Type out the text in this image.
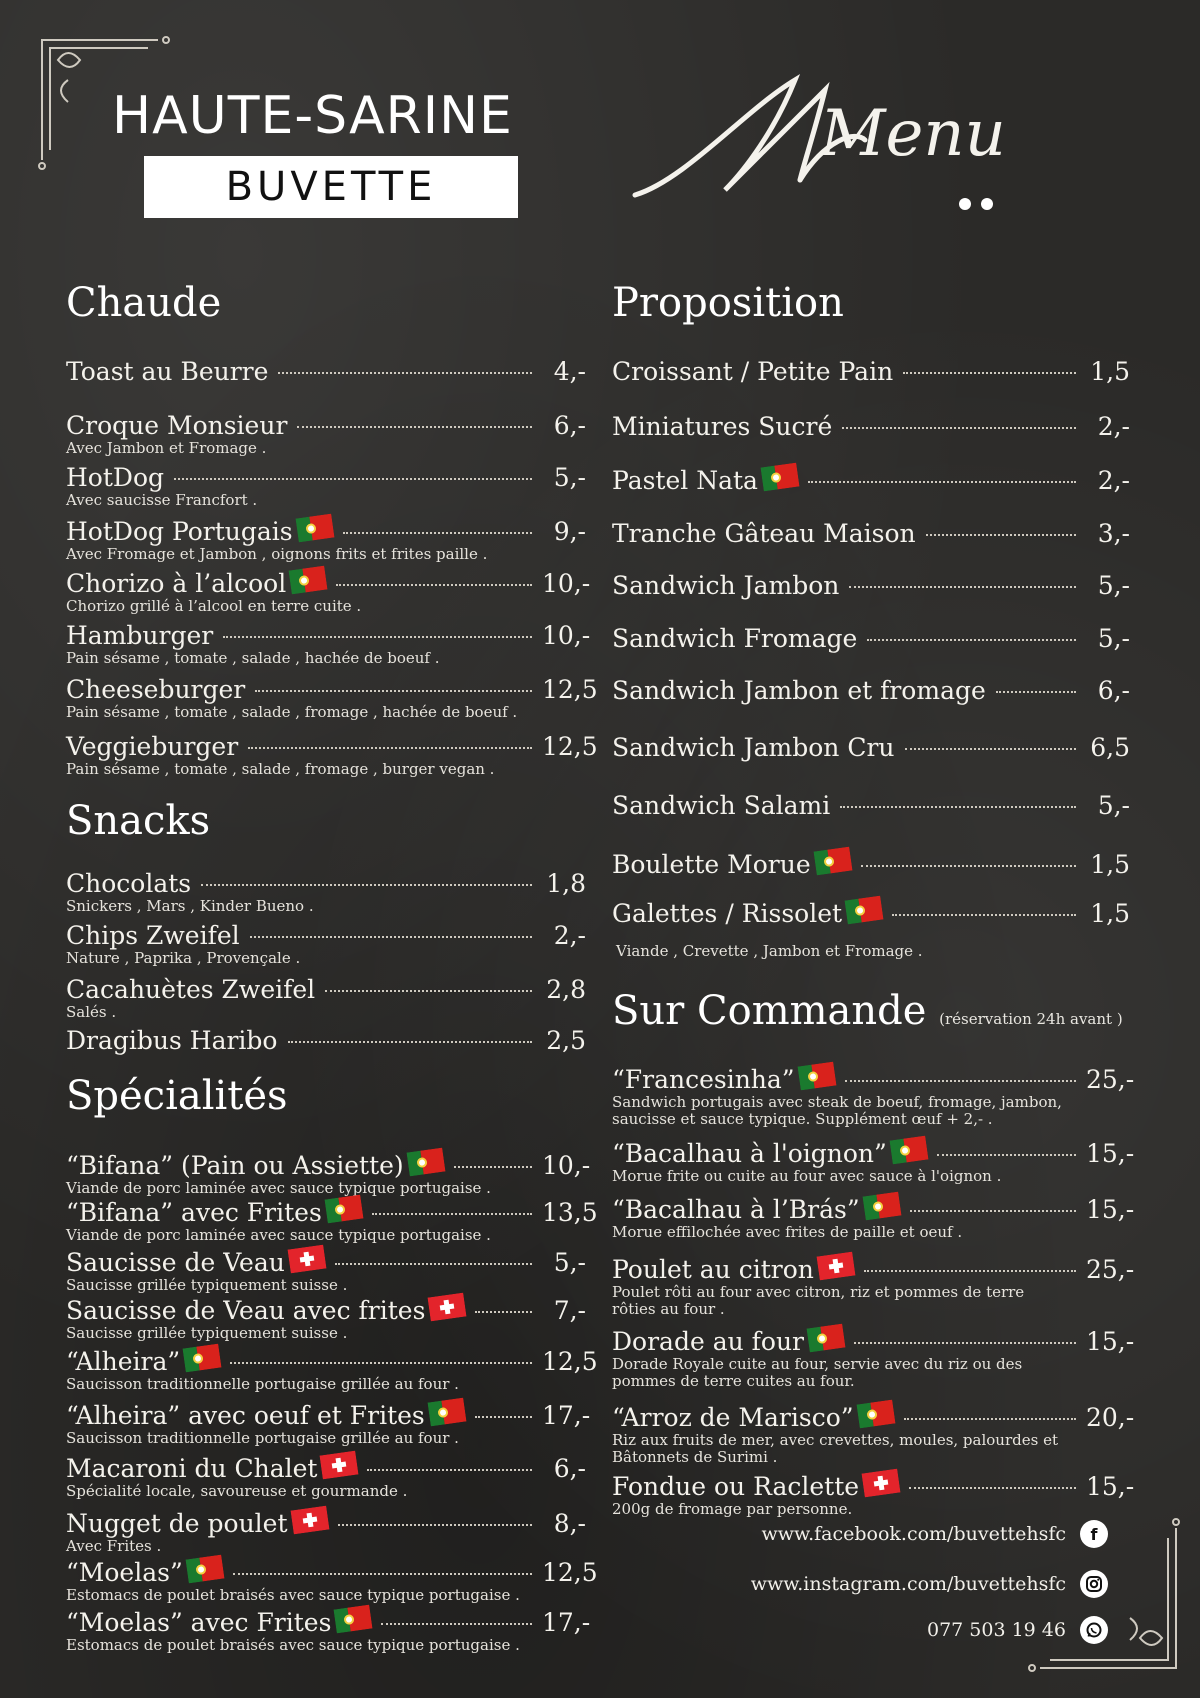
HAUTE-SARINE
BUVETTE
Menu
Chaude
Toast au Beurre	4,-
Croque Monsieur	6,-
Avec Jambon et Fromage .
HotDog	5,-
Avec saucisse Francfort .
HotDog Portugais	9,-
Avec Fromage et Jambon , oignons frits et frites paille .
Chorizo à l’alcool	10,-
Chorizo grillé à l’alcool en terre cuite .
Hamburger	10,-
Pain sésame , tomate , salade , hachée de boeuf .
Cheeseburger	12,5
Pain sésame , tomate , salade , fromage , hachée de boeuf .
Veggieburger	12,5
Pain sésame , tomate , salade , fromage , burger vegan .
Snacks
Chocolats	1,8
Snickers , Mars , Kinder Bueno .
Chips Zweifel	2,-
Nature , Paprika , Provençale .
Cacahuètes Zweifel	2,8
Salés .
Dragibus Haribo	2,5
Spécialités
“Bifana” (Pain ou Assiette)	10,-
Viande de porc laminée avec sauce typique portugaise .
“Bifana” avec Frites	13,5
Viande de porc laminée avec sauce typique portugaise .
Saucisse de Veau	5,-
Saucisse grillée typiquement suisse .
Saucisse de Veau avec frites	7,-
Saucisse grillée typiquement suisse .
“Alheira”	12,5
Saucisson traditionnelle portugaise grillée au four .
“Alheira” avec oeuf et Frites	17,-
Saucisson traditionnelle portugaise grillée au four .
Macaroni du Chalet	6,-
Spécialité locale, savoureuse et gourmande .
Nugget de poulet	8,-
Avec Frites .
“Moelas”	12,5
Estomacs de poulet braisés avec sauce typique portugaise .
“Moelas” avec Frites	17,-
Estomacs de poulet braisés avec sauce typique portugaise .
Proposition
Croissant / Petite Pain	1,5
Miniatures Sucré	2,-
Pastel Nata	2,-
Tranche Gâteau Maison	3,-
Sandwich Jambon	5,-
Sandwich Fromage	5,-
Sandwich Jambon et fromage	6,-
Sandwich Jambon Cru	6,5
Sandwich Salami	5,-
Boulette Morue	1,5
Galettes / Rissolet	1,5
Viande , Crevette , Jambon et Fromage .
Sur Commande (réservation 24h avant )
“Francesinha”	25,-
Sandwich portugais avec steak de boeuf, fromage, jambon, saucisse et sauce typique. Supplément œuf + 2,- .
“Bacalhau à l'oignon”	15,-
Morue frite ou cuite au four avec sauce à l'oignon .
“Bacalhau à l’Brás”	15,-
Morue effilochée avec frites de paille et oeuf .
Poulet au citron	25,-
Poulet rôti au four avec citron, riz et pommes de terre rôties au four .
Dorade au four	15,-
Dorade Royale cuite au four, servie avec du riz ou des pommes de terre cuites au four.
“Arroz de Marisco”	20,-
Riz aux fruits de mer, avec crevettes, moules, palourdes et Bâtonnets de Surimi .
Fondue ou Raclette	15,-
200g de fromage par personne.
www.facebook.com/buvettehsfc	f
www.instagram.com/buvettehsfc
077 503 19 46
